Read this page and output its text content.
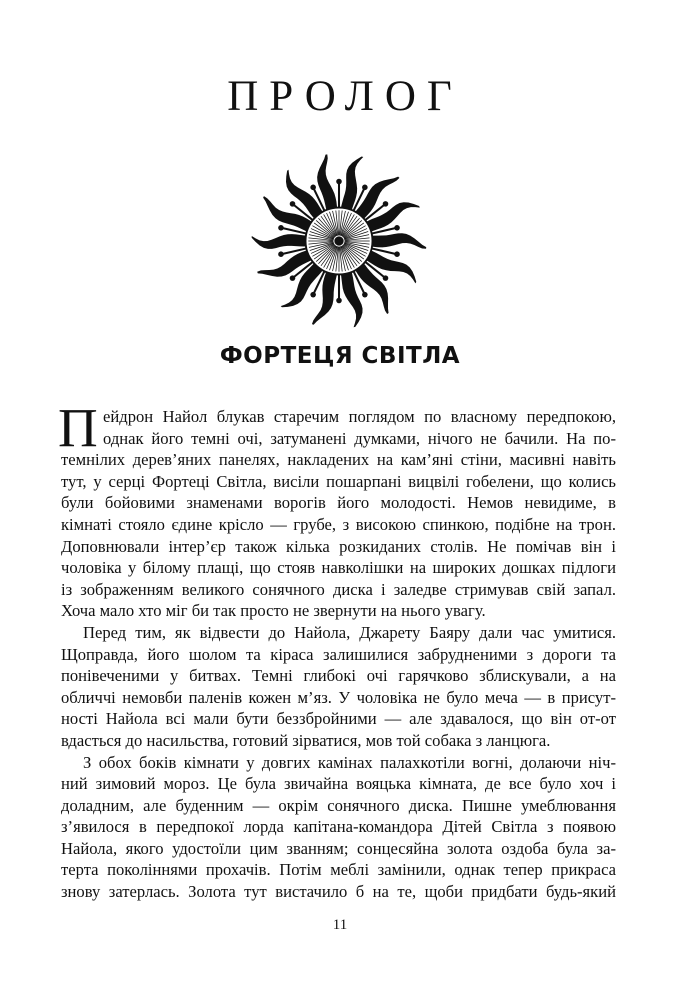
ПРОЛОГ
ФОРТЕЦЯ СВІТЛА
П ейдрон Найол блукав старечим поглядом по власному передпокою,
однак його темні очі, затуманені думками, нічого не бачили. На по-
темнілих дерев’яних панелях, накладених на кам’яні стіни, масивні навіть
тут, у серці Фортеці Світла, висіли пошарпані вицвілі гобелени, що колись
були бойовими знаменами ворогів його молодості. Немов невидиме, в
кімнаті стояло єдине крісло — грубе, з високою спинкою, подібне на трон.
Доповнювали інтер’єр також кілька розкиданих столів. Не помічав він і
чоловіка у білому плащі, що стояв навколішки на широких дошках підлоги
із зображенням великого сонячного диска і заледве стримував свій запал.
Хоча мало хто міг би так просто не звернути на нього увагу.
Перед тим, як відвести до Найола, Джарету Баяру дали час умитися.
Щоправда, його шолом та кіраса залишилися забрудненими з дороги та
понівеченими у битвах. Темні глибокі очі гарячково зблискували, а на
обличчі немовби паленів кожен м’яз. У чоловіка не було меча — в присут-
ності Найола всі мали бути беззбройними — але здавалося, що він от-от
вдасться до насильства, готовий зірватися, мов той собака з ланцюга.
З обох боків кімнати у довгих камінах палахкотіли вогні, долаючи ніч-
ний зимовий мороз. Це була звичайна вояцька кімната, де все було хоч і
доладним, але буденним — окрім сонячного диска. Пишне умеблювання
з’явилося в передпокої лорда капітана-командора Дітей Світла з появою
Найола, якого удостоїли цим званням; сонцесяйна золота оздоба була за-
терта поколіннями прохачів. Потім меблі замінили, однак тепер прикраса
знову затерлась. Золота тут вистачило б на те, щоби придбати будь-який
11
